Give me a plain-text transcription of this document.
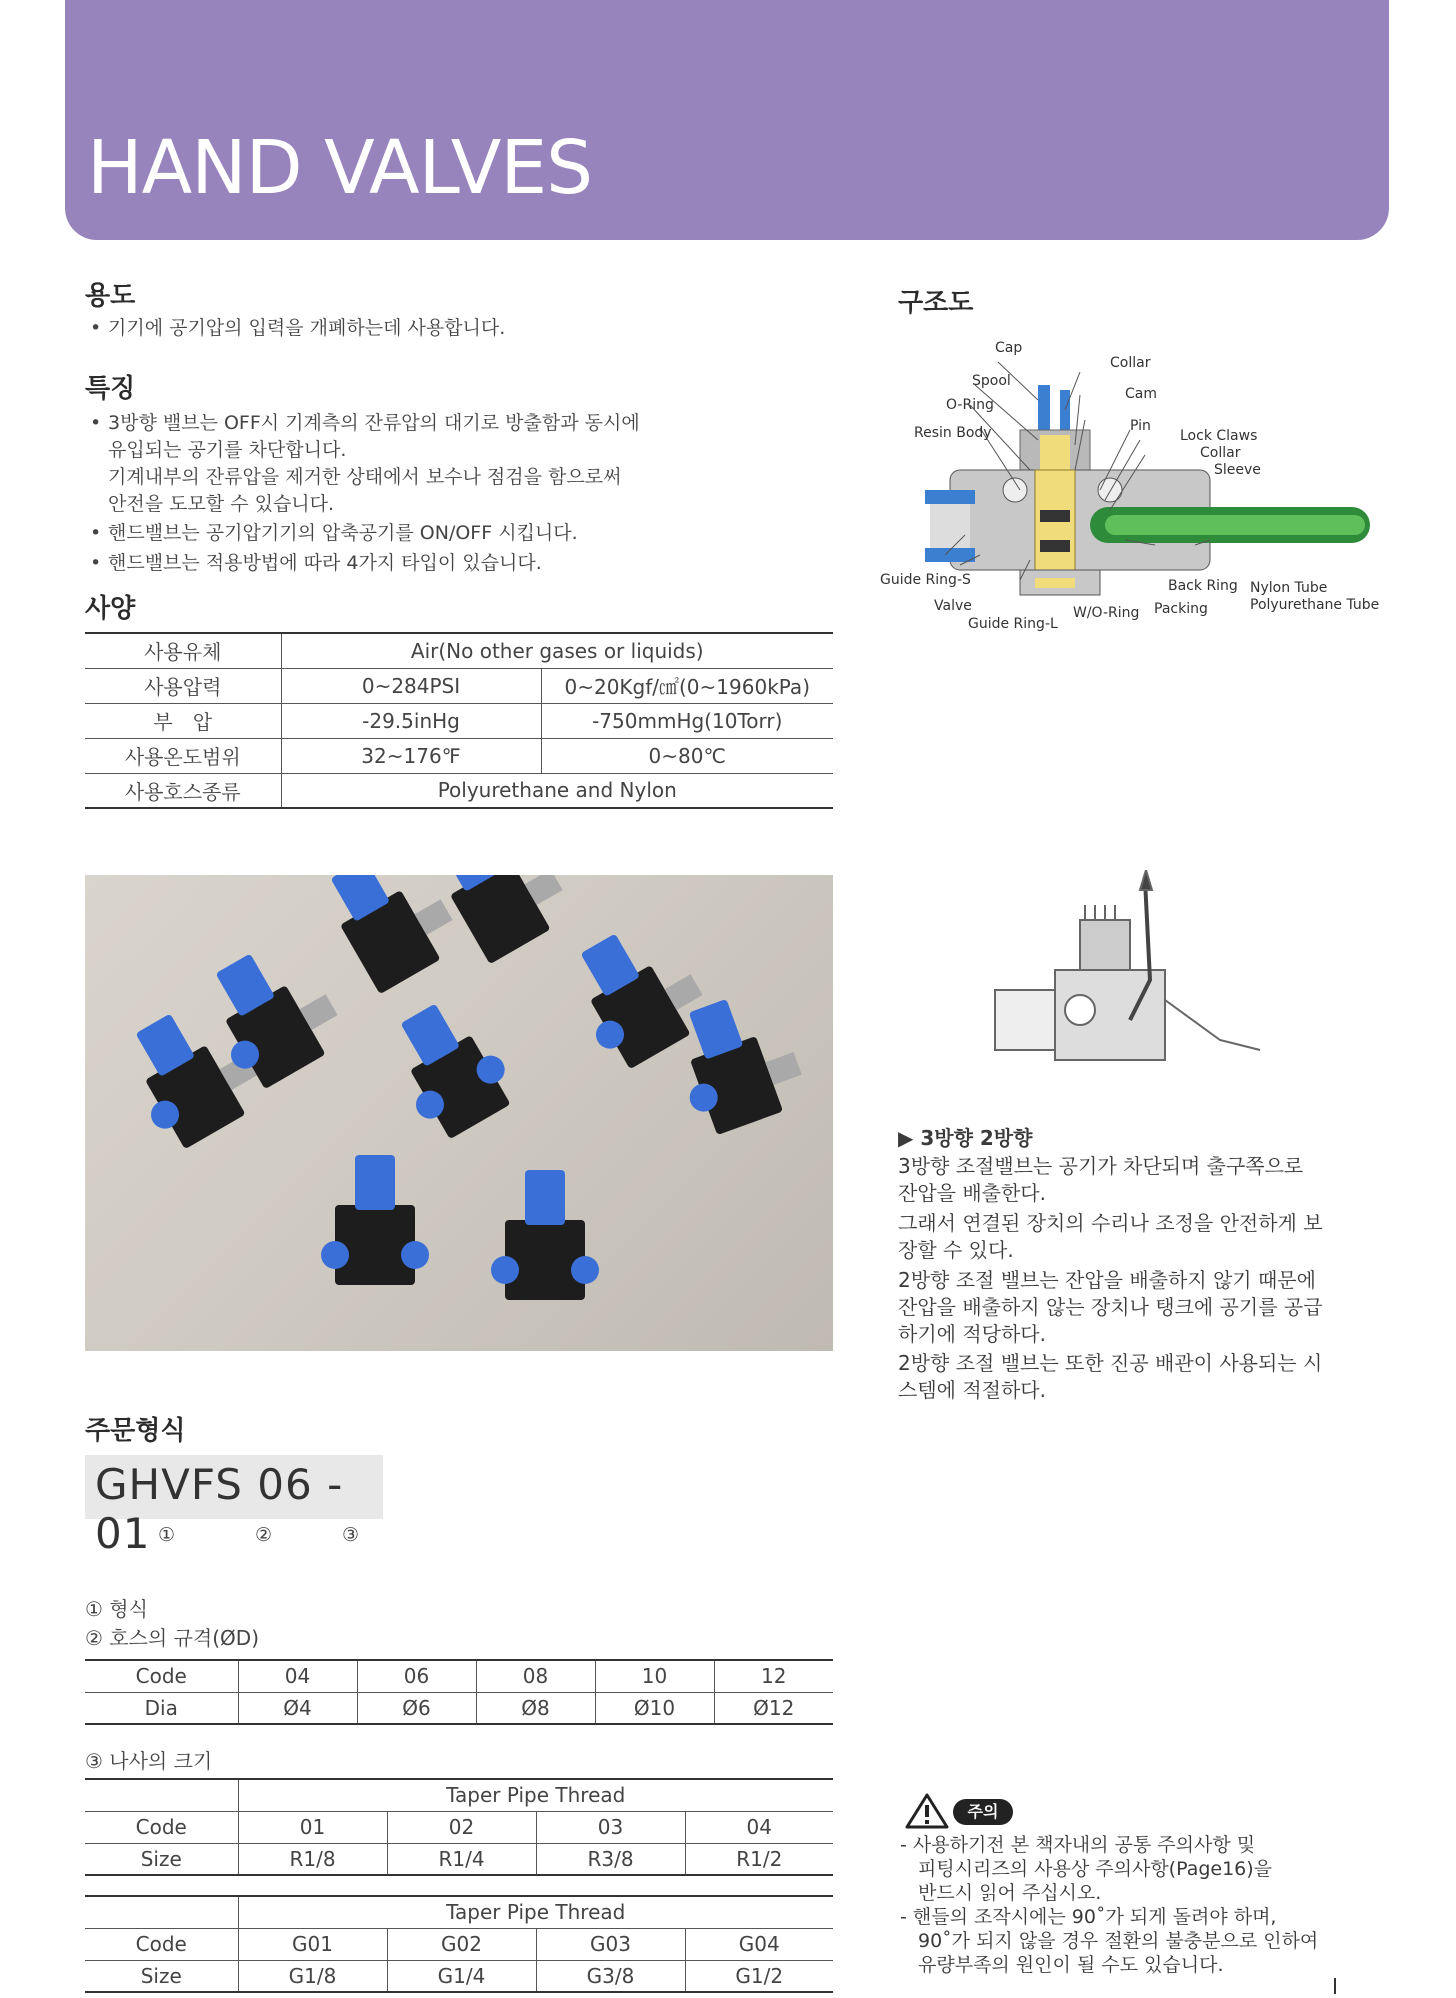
HAND VALVES
용도
• 기기에 공기압의 입력을 개폐하는데 사용합니다.
특징
• 3방향 밸브는 OFF시 기계측의 잔류압의 대기로 방출함과 동시에
유입되는 공기를 차단합니다.
기계내부의 잔류압을 제거한 상태에서 보수나 점검을 함으로써
안전을 도모할 수 있습니다.
• 핸드밸브는 공기압기기의 압축공기를 ON/OFF 시킵니다.
• 핸드밸브는 적용방법에 따라 4가지 타입이 있습니다.
사양
사용유체	Air(No other gases or liquids)	
사용압력	0~284PSI	0~20Kgf/㎠(0~1960kPa)
부　압	-29.5inHg	-750mmHg(10Torr)
사용온도범위	32~176℉	0~80℃
사용호스종류	Polyurethane and Nylon	
구조도
Cap
Collar
Spool
Cam
O-Ring
Pin
Resin Body	Lock Claws
Collar
Sleeve
Guide Ring-S	Back Ring Nylon Tube
Valve	W/O-Ring Packing	Polyurethane Tube
Guide Ring-L
▶ 3방향 2방향
3방향 조절밸브는 공기가 차단되며 출구쪽으로
잔압을 배출한다.
그래서 연결된 장치의 수리나 조정을 안전하게 보
장할 수 있다.
2방향 조절 밸브는 잔압을 배출하지 않기 때문에
잔압을 배출하지 않는 장치나 탱크에 공기를 공급
하기에 적당하다.
2방향 조절 밸브는 또한 진공 배관이 사용되는 시
스템에 적절하다.
주문형식
GHVFS 06 - 01 ①	②	③
① 형식
② 호스의 규격(ØD)
Code	04	06	08	10	12
Dia	Ø4	Ø6	Ø8	Ø10	Ø12
③ 나사의 크기
	Taper Pipe Thread			
Code	01	02	03	04
Size	R1/8	R1/4	R3/8	R1/2
	Taper Pipe Thread			
Code	G01	G02	G03	G04
Size	G1/8	G1/4	G3/8	G1/2
주의
- 사용하기전 본 책자내의 공통 주의사항 및
피팅시리즈의 사용상 주의사항(Page16)을
반드시 읽어 주십시오.
- 핸들의 조작시에는 90˚가 되게 돌려야 하며,
90˚가 되지 않을 경우 절환의 불충분으로 인하여
유량부족의 원인이 될 수도 있습니다.
